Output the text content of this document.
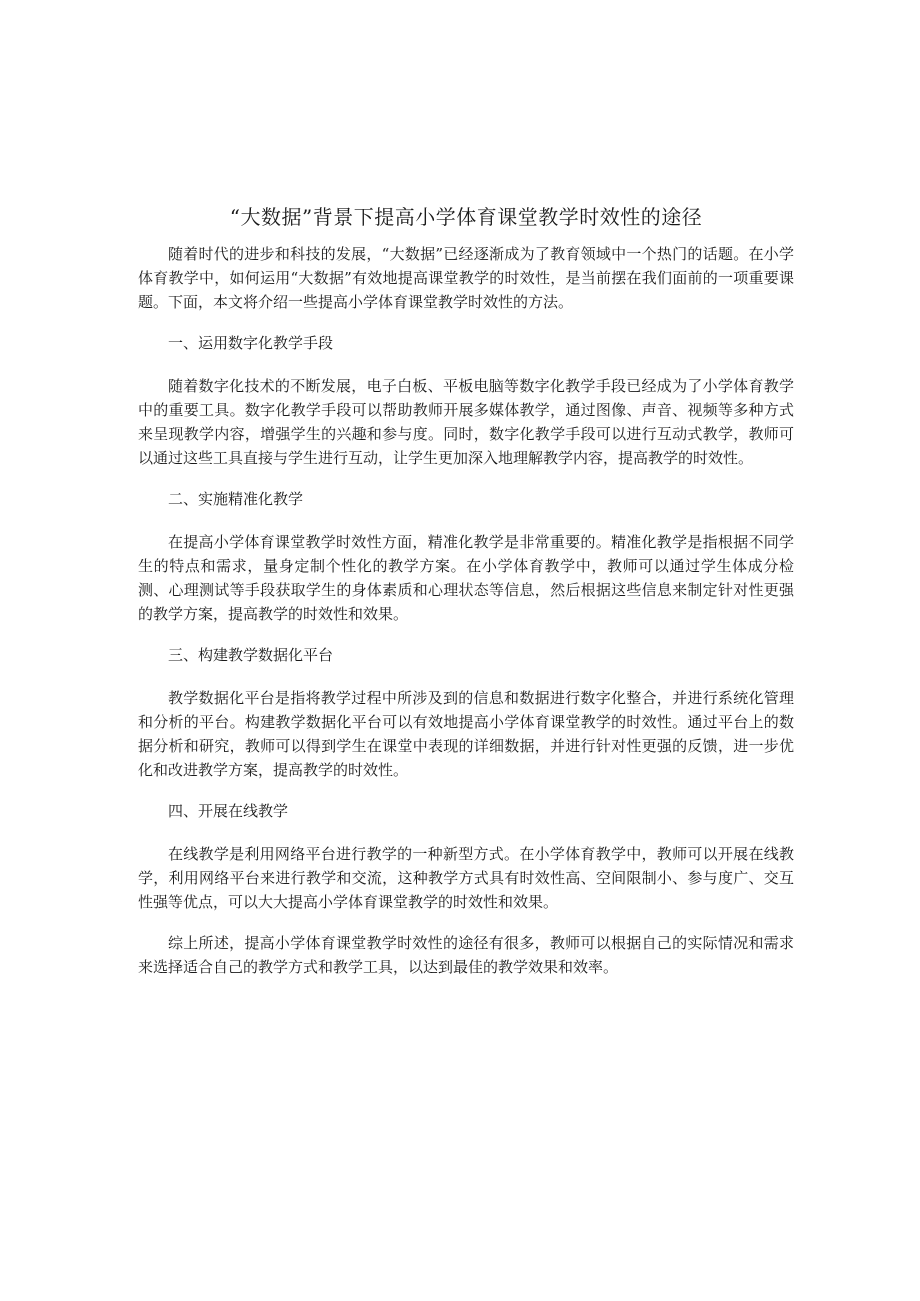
“大数据”背景下提高小学体育课堂教学时效性的途径

随着时代的进步和科技的发展，“大数据”已经逐渐成为了教育领域中一个热门的话题。在小学体育教学中，如何运用“大数据”有效地提高课堂教学的时效性，是当前摆在我们面前的一项重要课题。下面，本文将介绍一些提高小学体育课堂教学时效性的方法。

一、运用数字化教学手段

随着数字化技术的不断发展，电子白板、平板电脑等数字化教学手段已经成为了小学体育教学中的重要工具。数字化教学手段可以帮助教师开展多媒体教学，通过图像、声音、视频等多种方式来呈现教学内容，增强学生的兴趣和参与度。同时，数字化教学手段可以进行互动式教学，教师可以通过这些工具直接与学生进行互动，让学生更加深入地理解教学内容，提高教学的时效性。

二、实施精准化教学

在提高小学体育课堂教学时效性方面，精准化教学是非常重要的。精准化教学是指根据不同学生的特点和需求，量身定制个性化的教学方案。在小学体育教学中，教师可以通过学生体成分检测、心理测试等手段获取学生的身体素质和心理状态等信息，然后根据这些信息来制定针对性更强的教学方案，提高教学的时效性和效果。

三、构建教学数据化平台

教学数据化平台是指将教学过程中所涉及到的信息和数据进行数字化整合，并进行系统化管理和分析的平台。构建教学数据化平台可以有效地提高小学体育课堂教学的时效性。通过平台上的数据分析和研究，教师可以得到学生在课堂中表现的详细数据，并进行针对性更强的反馈，进一步优化和改进教学方案，提高教学的时效性。

四、开展在线教学

在线教学是利用网络平台进行教学的一种新型方式。在小学体育教学中，教师可以开展在线教学，利用网络平台来进行教学和交流，这种教学方式具有时效性高、空间限制小、参与度广、交互性强等优点，可以大大提高小学体育课堂教学的时效性和效果。

综上所述，提高小学体育课堂教学时效性的途径有很多，教师可以根据自己的实际情况和需求来选择适合自己的教学方式和教学工具，以达到最佳的教学效果和效率。
